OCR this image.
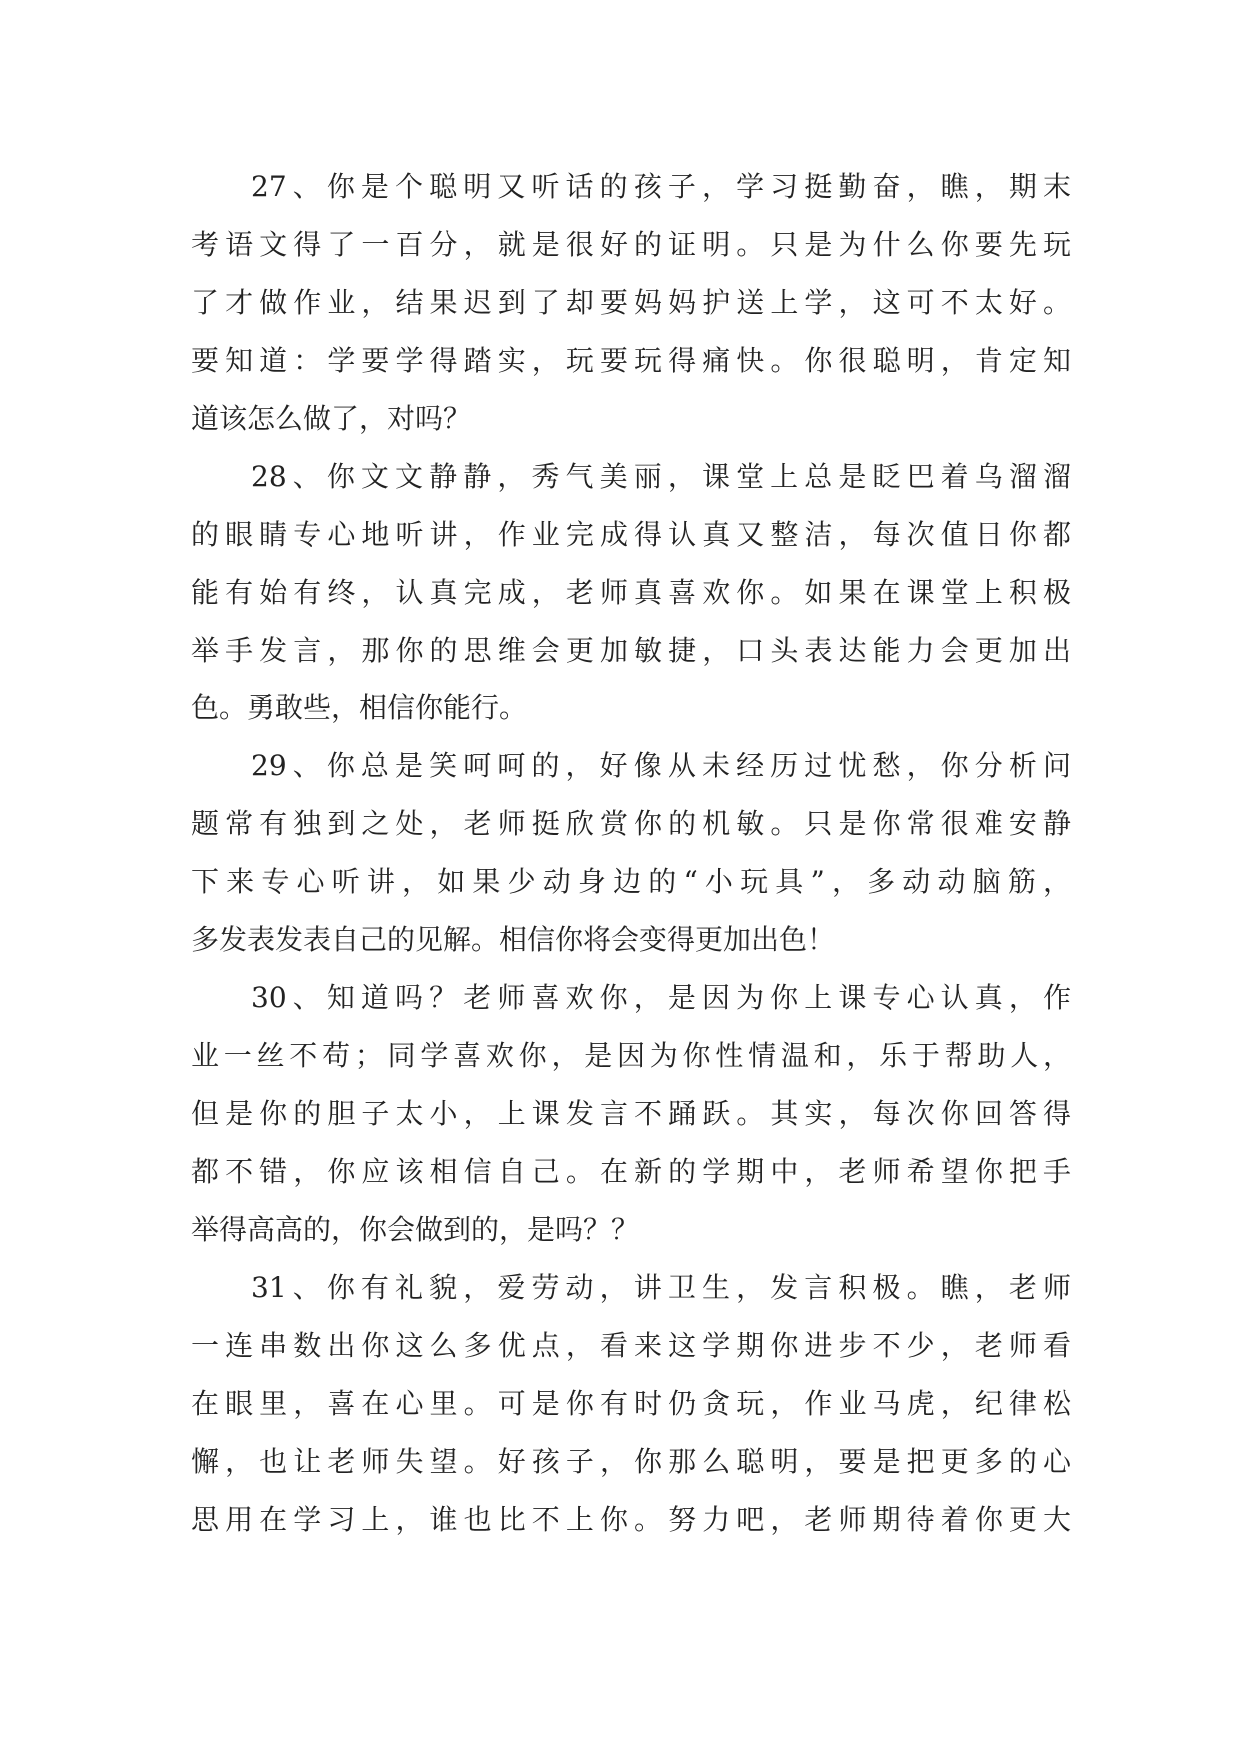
27、你是个聪明又听话的孩子，学习挺勤奋，瞧，期末
考语文得了一百分，就是很好的证明。只是为什么你要先玩
了才做作业，结果迟到了却要妈妈护送上学，这可不太好。
要知道：学要学得踏实，玩要玩得痛快。你很聪明，肯定知
道该怎么做了，对吗？
28、你文文静静，秀气美丽，课堂上总是眨巴着乌溜溜
的眼睛专心地听讲，作业完成得认真又整洁，每次值日你都
能有始有终，认真完成，老师真喜欢你。如果在课堂上积极
举手发言，那你的思维会更加敏捷，口头表达能力会更加出
色。勇敢些，相信你能行。
29、你总是笑呵呵的，好像从未经历过忧愁，你分析问
题常有独到之处，老师挺欣赏你的机敏。只是你常很难安静
下来专心听讲，如果少动身边的“小玩具”，多动动脑筋，
多发表发表自己的见解。相信你将会变得更加出色！
30、知道吗？老师喜欢你，是因为你上课专心认真，作
业一丝不苟；同学喜欢你，是因为你性情温和，乐于帮助人，
但是你的胆子太小，上课发言不踊跃。其实，每次你回答得
都不错，你应该相信自己。在新的学期中，老师希望你把手
举得高高的，你会做到的，是吗？？
31、你有礼貌，爱劳动，讲卫生，发言积极。瞧，老师
一连串数出你这么多优点，看来这学期你进步不少，老师看
在眼里，喜在心里。可是你有时仍贪玩，作业马虎，纪律松
懈，也让老师失望。好孩子，你那么聪明，要是把更多的心
思用在学习上，谁也比不上你。努力吧，老师期待着你更大
